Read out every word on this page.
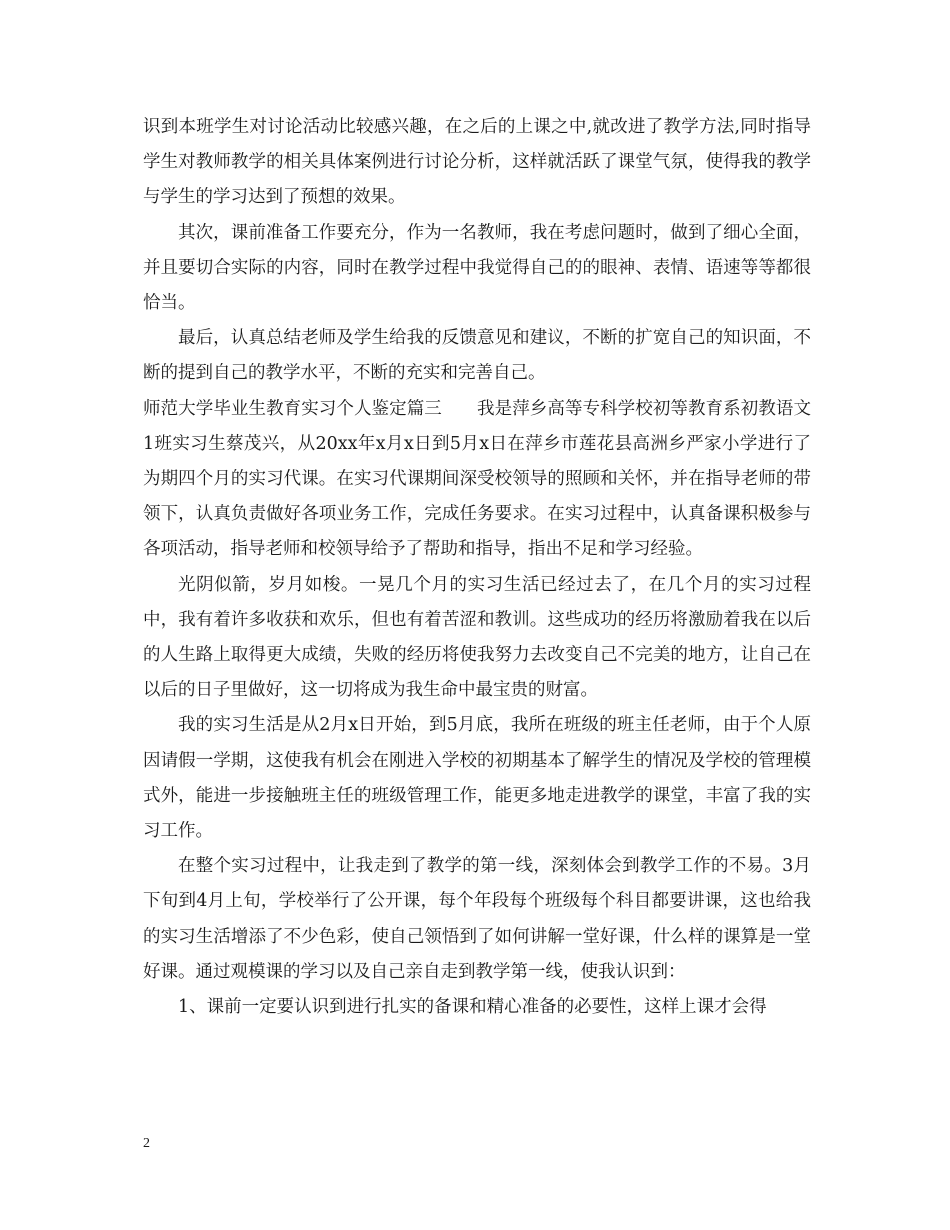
识到本班学生对讨论活动比较感兴趣，在之后的上课之中,就改进了教学方法,同时指导学生对教师教学的相关具体案例进行讨论分析，这样就活跃了课堂气氛，使得我的教学与学生的学习达到了预想的效果。

其次，课前准备工作要充分，作为一名教师，我在考虑问题时，做到了细心全面，并且要切合实际的内容，同时在教学过程中我觉得自己的的眼神、表情、语速等等都很恰当。

最后，认真总结老师及学生给我的反馈意见和建议，不断的扩宽自己的知识面，不断的提到自己的教学水平，不断的充实和完善自己。

师范大学毕业生教育实习个人鉴定篇三　　我是萍乡高等专科学校初等教育系初教语文1班实习生蔡茂兴，从20xx年x月x日到5月x日在萍乡市莲花县高洲乡严家小学进行了为期四个月的实习代课。在实习代课期间深受校领导的照顾和关怀，并在指导老师的带领下，认真负责做好各项业务工作，完成任务要求。在实习过程中，认真备课积极参与各项活动，指导老师和校领导给予了帮助和指导，指出不足和学习经验。

光阴似箭，岁月如梭。一晃几个月的实习生活已经过去了，在几个月的实习过程中，我有着许多收获和欢乐，但也有着苦涩和教训。这些成功的经历将激励着我在以后的人生路上取得更大成绩，失败的经历将使我努力去改变自己不完美的地方，让自己在以后的日子里做好，这一切将成为我生命中最宝贵的财富。

我的实习生活是从2月x日开始，到5月底，我所在班级的班主任老师，由于个人原因请假一学期，这使我有机会在刚进入学校的初期基本了解学生的情况及学校的管理模式外，能进一步接触班主任的班级管理工作，能更多地走进教学的课堂，丰富了我的实习工作。

在整个实习过程中，让我走到了教学的第一线，深刻体会到教学工作的不易。3月下旬到4月上旬，学校举行了公开课，每个年段每个班级每个科目都要讲课，这也给我的实习生活增添了不少色彩，使自己领悟到了如何讲解一堂好课，什么样的课算是一堂好课。通过观模课的学习以及自己亲自走到教学第一线，使我认识到：

1、课前一定要认识到进行扎实的备课和精心准备的必要性，这样上课才会得

2
